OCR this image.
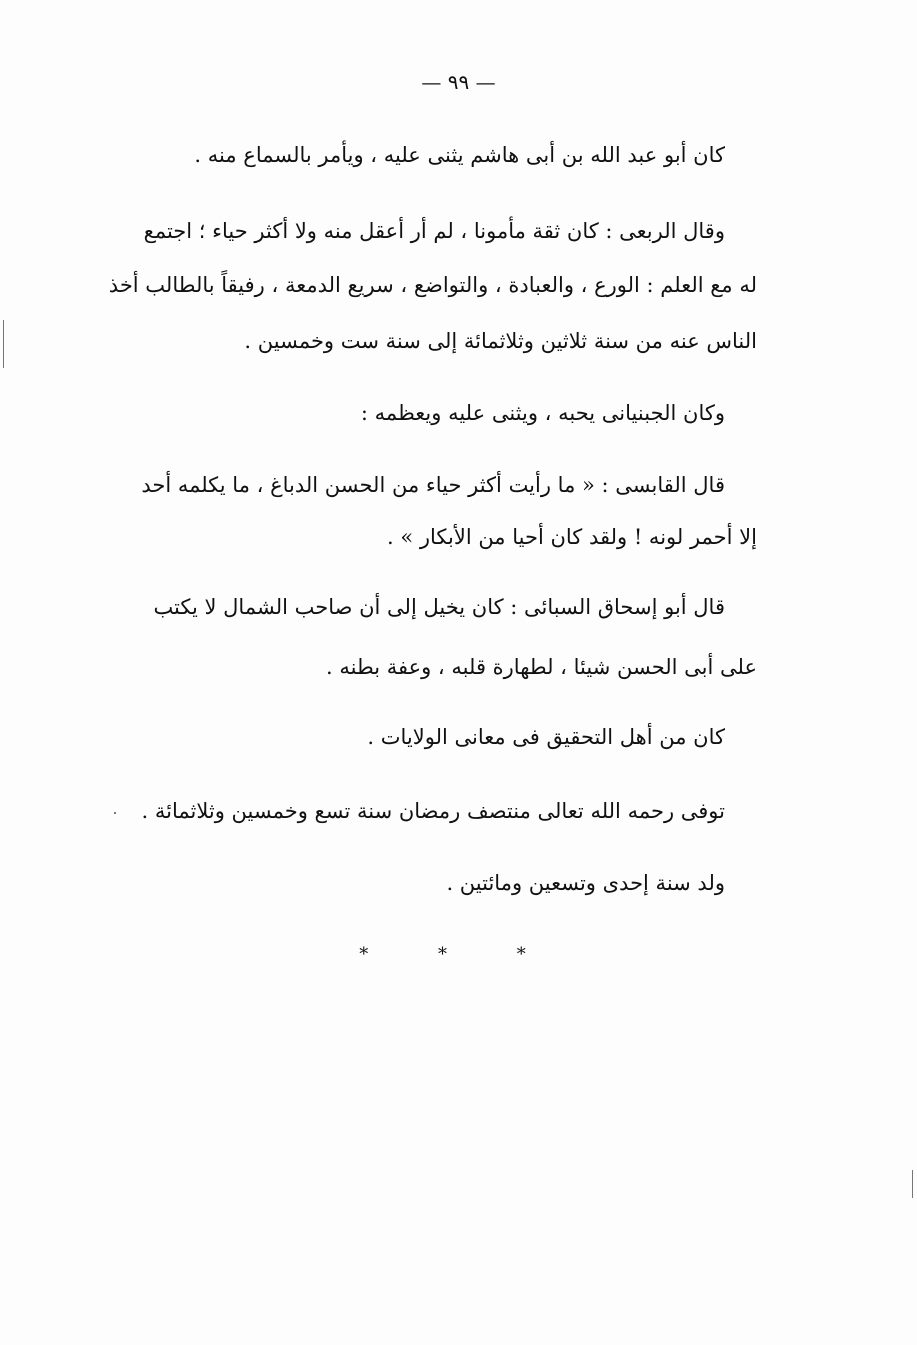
— ٩٩ —
كان أبو عبد الله بن أبى هاشم يثنى عليه ، ويأمر بالسماع منه .
وقال الربعى : كان ثقة مأمونا ، لم أر أعقل منه ولا أكثر حياء ؛ اجتمع
له مع العلم : الورع ، والعبادة ، والتواضع ، سريع الدمعة ، رفيقاً بالطالب أخذ
الناس عنه من سنة ثلاثين وثلاثمائة إلى سنة ست وخمسين .
وكان الجبنيانى يحبه ، ويثنى عليه ويعظمه :
قال القابسى : « ما رأيت أكثر حياء من الحسن الدباغ ، ما يكلمه أحد
إلا أحمر لونه ! ولقد كان أحيا من الأبكار » .
قال أبو إسحاق السبائى : كان يخيل إلى أن صاحب الشمال لا يكتب
على أبى الحسن شيئا ، لطهارة قلبه ، وعفة بطنه .
كان من أهل التحقيق فى معانى الولايات .
توفى رحمه الله تعالى منتصف رمضان سنة تسع وخمسين وثلاثمائة .
ولد سنة إحدى وتسعين ومائتين .
* * *
